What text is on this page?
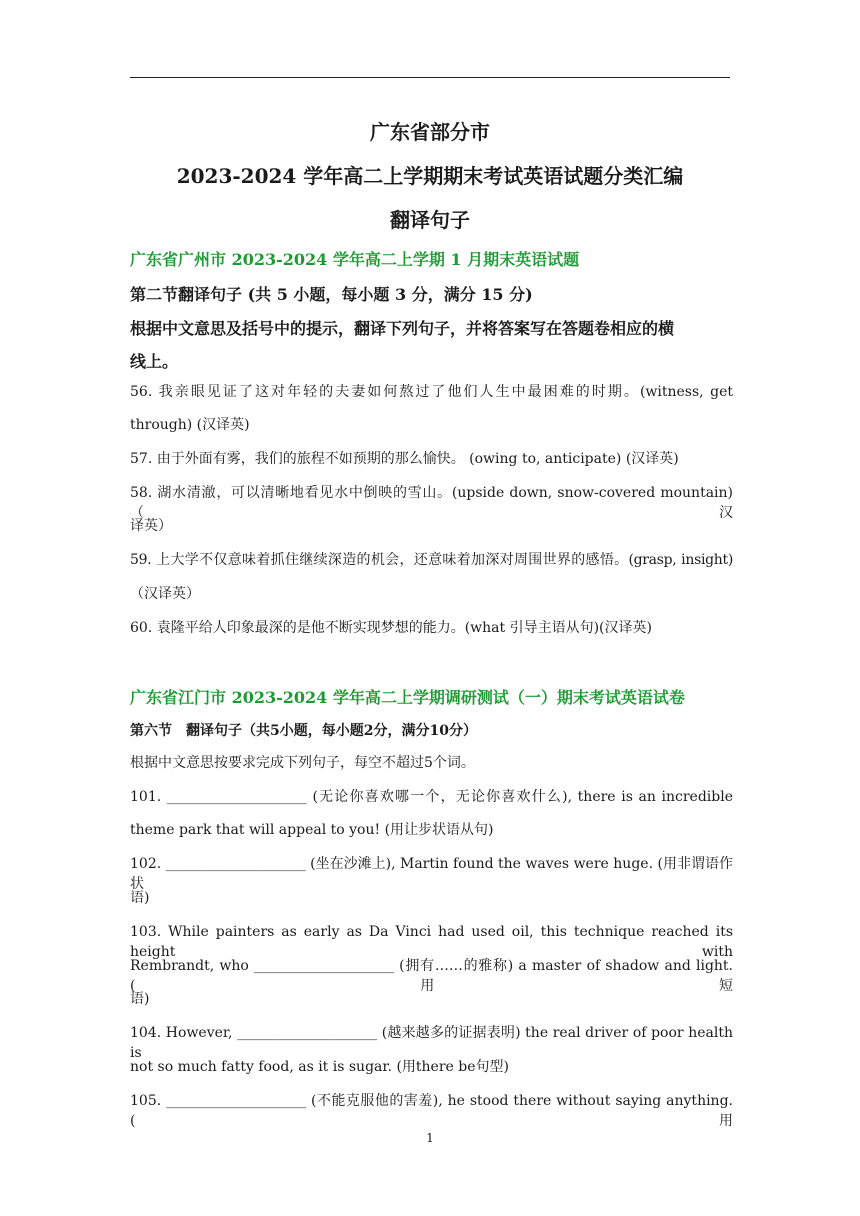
广东省部分市
2023-2024 学年高二上学期期末考试英语试题分类汇编
翻译句子
广东省广州市 2023-2024 学年高二上学期 1 月期末英语试题
第二节翻译句子 (共 5 小题，每小题 3 分，满分 15 分)
根据中文意思及括号中的提示，翻译下列句子，并将答案写在答题卷相应的横
线上。
56. 我亲眼见证了这对年轻的夫妻如何熬过了他们人生中最困难的时期。(witness, get
through) (汉译英)
57. 由于外面有雾，我们的旅程不如预期的那么愉快。 (owing to, anticipate) (汉译英)
58. 湖水清澈，可以清晰地看见水中倒映的雪山。(upside down, snow-covered mountain) （汉
译英）
59. 上大学不仅意味着抓住继续深造的机会，还意味着加深对周围世界的感悟。(grasp, insight)
（汉译英）
60. 袁隆平给人印象最深的是他不断实现梦想的能力。(what 引导主语从句)(汉译英)
广东省江门市 2023-2024 学年高二上学期调研测试（一）期末考试英语试卷
第六节　翻译句子（共5小题，每小题2分，满分10分）
根据中文意思按要求完成下列句子，每空不超过5个词。
101. ____________________ (无论你喜欢哪一个，无论你喜欢什么), there is an incredible
theme park that will appeal to you! (用让步状语从句)
102. ____________________ (坐在沙滩上), Martin found the waves were huge. (用非谓语作状
语)
103. While painters as early as Da Vinci had used oil, this technique reached its height with
Rembrandt, who ____________________ (拥有……的雅称) a master of shadow and light. (用短
语)
104. However, ____________________ (越来越多的证据表明) the real driver of poor health is
not so much fatty food, as it is sugar. (用there be句型)
105. ____________________ (不能克服他的害羞), he stood there without saying anything. (用
1
